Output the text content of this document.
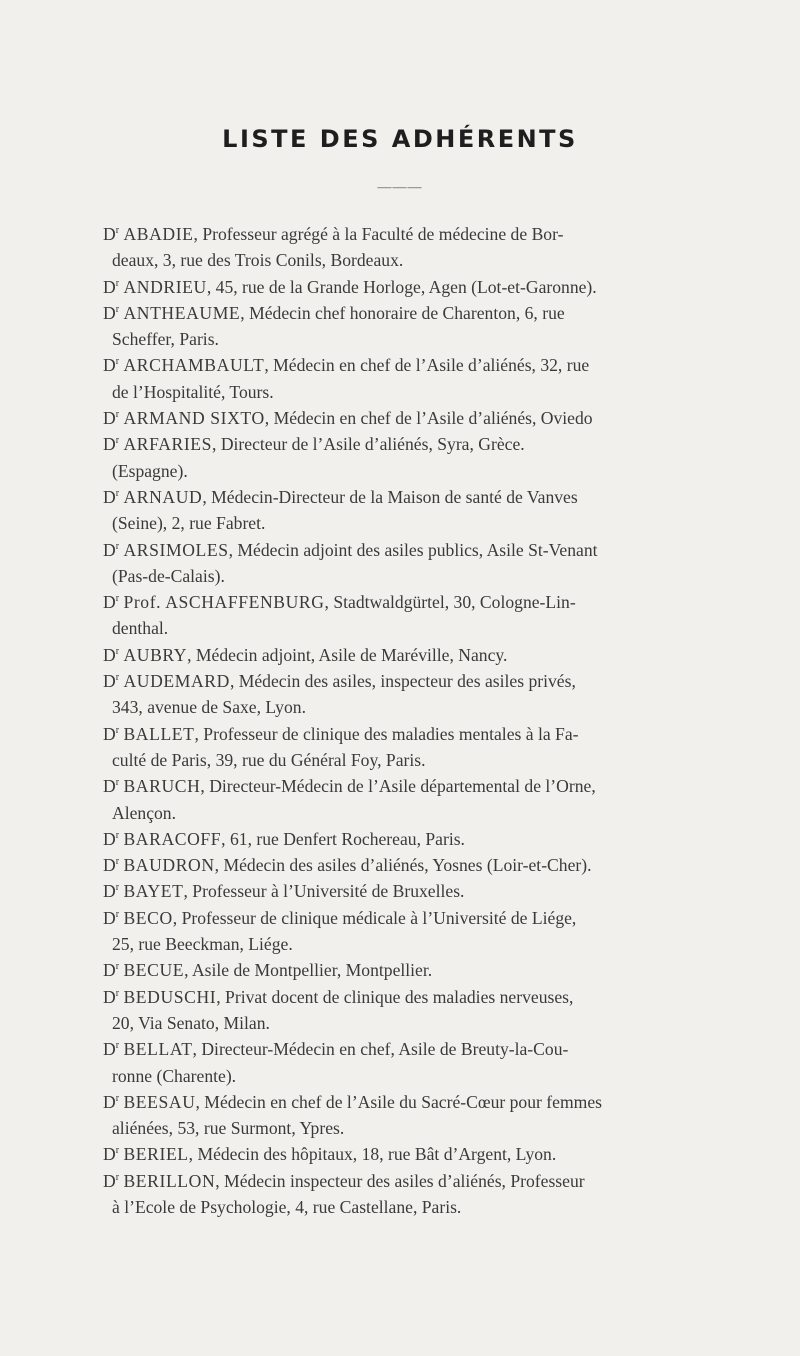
LISTE DES ADHÉRENTS
———
$D^r$ ABADIE, Professeur agrégé à la Faculté de médecine de Bor-
deaux, 3, rue des Trois Conils, Bordeaux.
$D^r$ ANDRIEU, 45, rue de la Grande Horloge, Agen (Lot-et-Garonne).
$D^r$ ANTHEAUME, Médecin chef honoraire de Charenton, 6, rue
Scheffer, Paris.
$D^r$ ARCHAMBAULT, Médecin en chef de l’Asile d’aliénés, 32, rue
de l’Hospitalité, Tours.
$D^r$ ARMAND SIXTO, Médecin en chef de l’Asile d’aliénés, Oviedo
$D^r$ ARFARIES, Directeur de l’Asile d’aliénés, Syra, Grèce.
(Espagne).
$D^r$ ARNAUD, Médecin-Directeur de la Maison de santé de Vanves
(Seine), 2, rue Fabret.
$D^r$ ARSIMOLES, Médecin adjoint des asiles publics, Asile St-Venant
(Pas-de-Calais).
$D^r$ Prof. ASCHAFFENBURG, Stadtwaldgürtel, 30, Cologne-Lin-
denthal.
$D^r$ AUBRY, Médecin adjoint, Asile de Maréville, Nancy.
$D^r$ AUDEMARD, Médecin des asiles, inspecteur des asiles privés,
343, avenue de Saxe, Lyon.
$D^r$ BALLET, Professeur de clinique des maladies mentales à la Fa-
culté de Paris, 39, rue du Général Foy, Paris.
$D^r$ BARUCH, Directeur-Médecin de l’Asile départemental de l’Orne,
Alençon.
$D^r$ BARACOFF, 61, rue Denfert Rochereau, Paris.
$D^r$ BAUDRON, Médecin des asiles d’aliénés, Yosnes (Loir-et-Cher).
$D^r$ BAYET, Professeur à l’Université de Bruxelles.
$D^r$ BECO, Professeur de clinique médicale à l’Université de Liége,
25, rue Beeckman, Liége.
$D^r$ BECUE, Asile de Montpellier, Montpellier.
$D^r$ BEDUSCHI, Privat docent de clinique des maladies nerveuses,
20, Via Senato, Milan.
$D^r$ BELLAT, Directeur-Médecin en chef, Asile de Breuty-la-Cou-
ronne (Charente).
$D^r$ BEESAU, Médecin en chef de l’Asile du Sacré-Cœur pour femmes
aliénées, 53, rue Surmont, Ypres.
$D^r$ BERIEL, Médecin des hôpitaux, 18, rue Bât d’Argent, Lyon.
$D^r$ BERILLON, Médecin inspecteur des asiles d’aliénés, Professeur
à l’Ecole de Psychologie, 4, rue Castellane, Paris.
